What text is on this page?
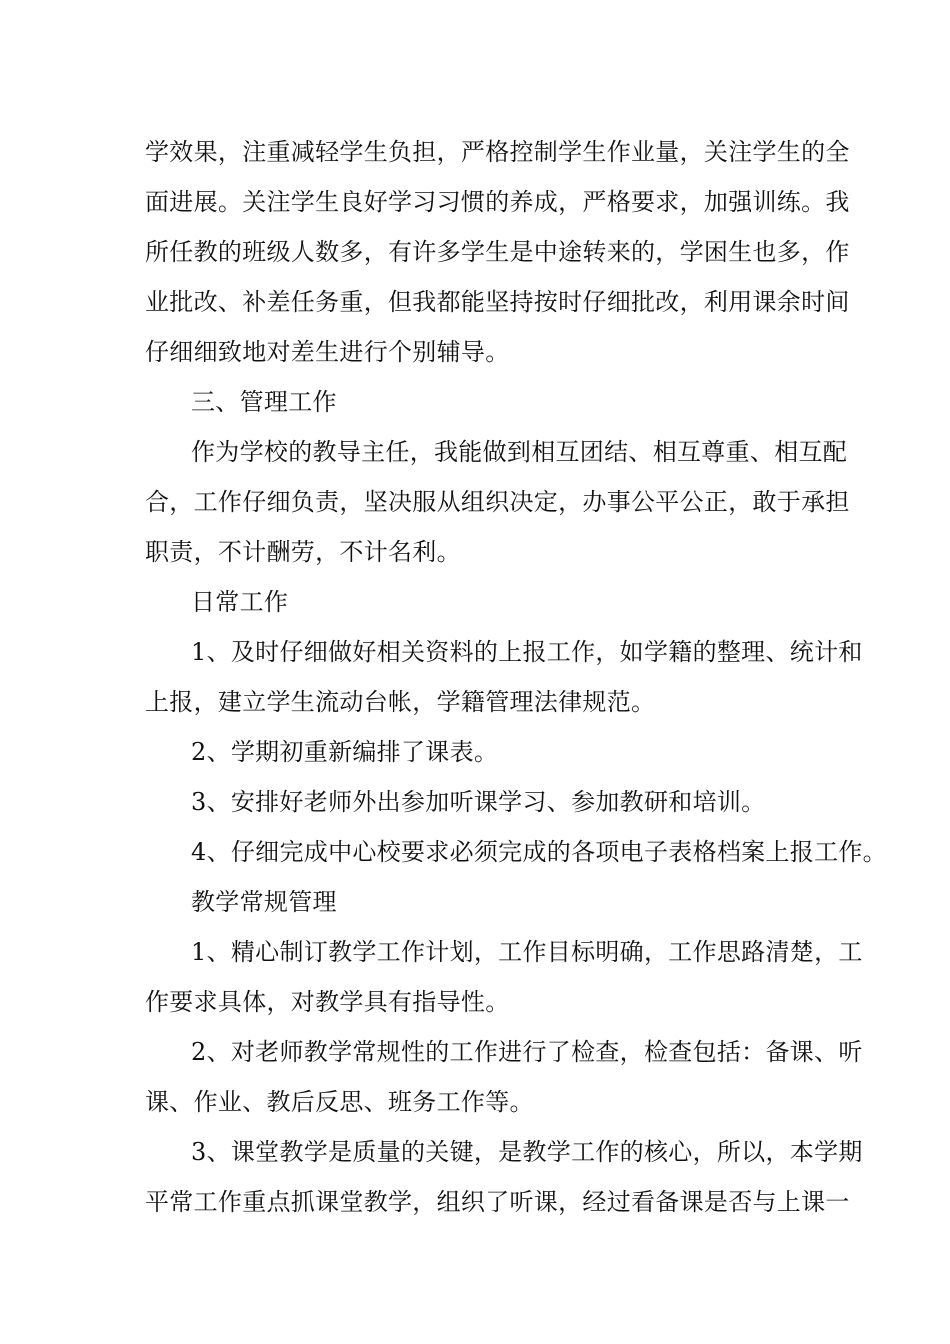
学效果，注重减轻学生负担，严格控制学生作业量，关注学生的全
面进展。关注学生良好学习习惯的养成，严格要求，加强训练。我
所任教的班级人数多，有许多学生是中途转来的，学困生也多，作
业批改、补差任务重，但我都能坚持按时仔细批改，利用课余时间
仔细细致地对差生进行个别辅导。
三、管理工作
作为学校的教导主任，我能做到相互团结、相互尊重、相互配
合，工作仔细负责，坚决服从组织决定，办事公平公正，敢于承担
职责，不计酬劳，不计名利。
日常工作
1、及时仔细做好相关资料的上报工作，如学籍的整理、统计和
上报，建立学生流动台帐，学籍管理法律规范。
2、学期初重新编排了课表。
3、安排好老师外出参加听课学习、参加教研和培训。
4、仔细完成中心校要求必须完成的各项电子表格档案上报工作。
教学常规管理
1、精心制订教学工作计划，工作目标明确，工作思路清楚，工
作要求具体，对教学具有指导性。
2、对老师教学常规性的工作进行了检查，检查包括：备课、听
课、作业、教后反思、班务工作等。
3、课堂教学是质量的关键，是教学工作的核心，所以，本学期
平常工作重点抓课堂教学，组织了听课，经过看备课是否与上课一
